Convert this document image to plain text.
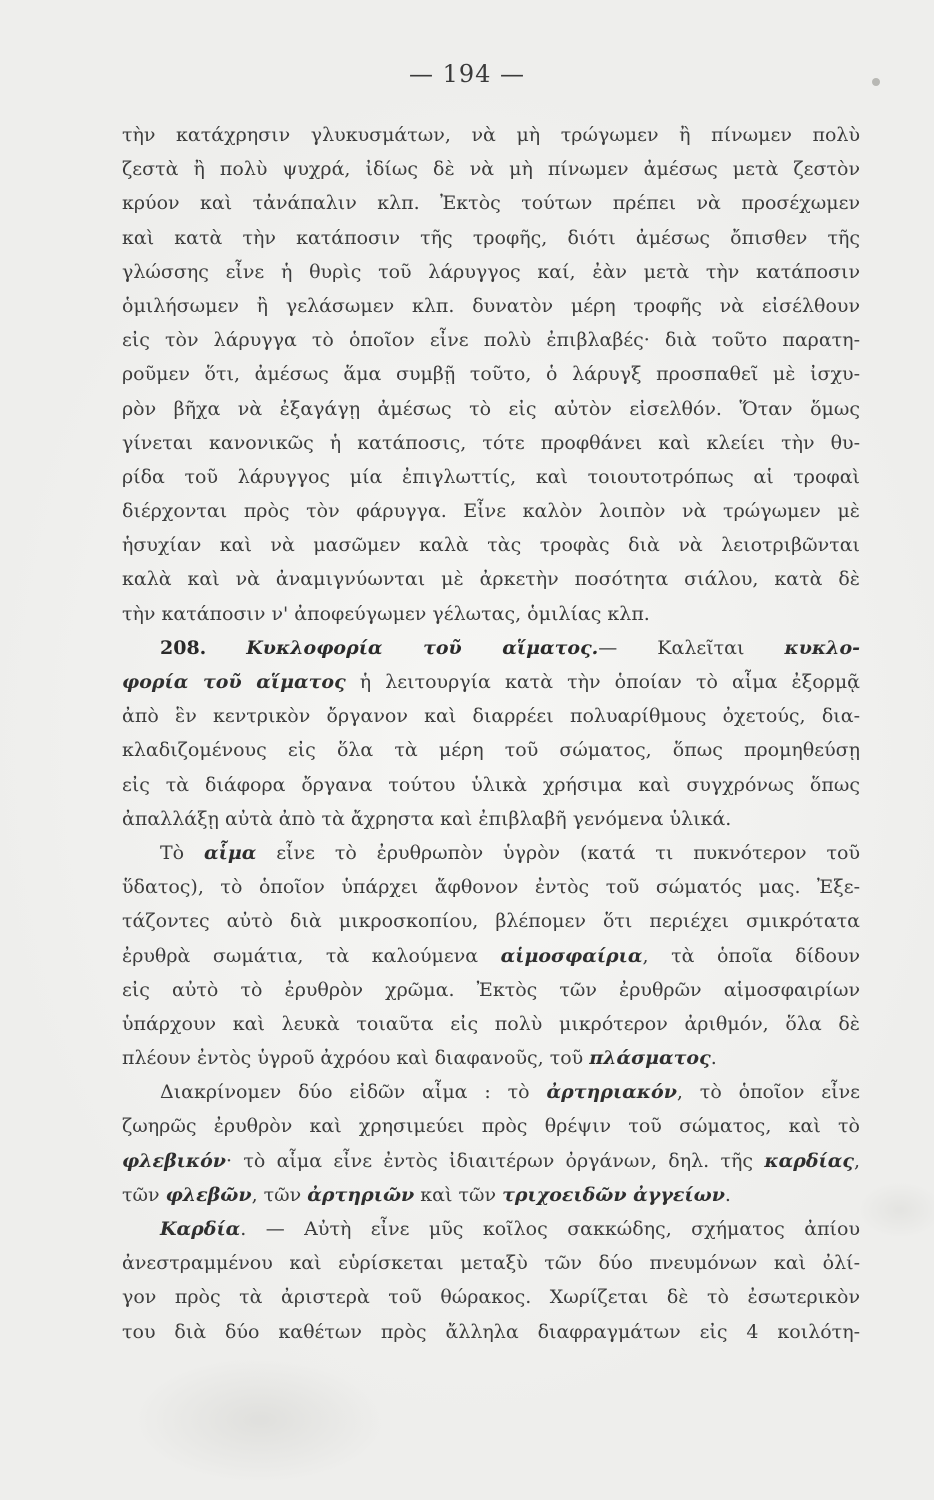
— 194 —
τὴν κατάχρησιν γλυκυσμάτων, νὰ μὴ τρώγωμεν ἢ πίνωμεν πολὺ
ζεστὰ ἢ πολὺ ψυχρά, ἰδίως δὲ νὰ μὴ πίνωμεν ἀμέσως μετὰ ζεστὸν
κρύον καὶ τἀνάπαλιν κλπ. Ἐκτὸς τούτων πρέπει νὰ προσέχωμεν
καὶ κατὰ τὴν κατάποσιν τῆς τροφῆς, διότι ἀμέσως ὄπισθεν τῆς
γλώσσης εἶνε ἡ θυρὶς τοῦ λάρυγγος καί, ἐὰν μετὰ τὴν κατάποσιν
ὁμιλήσωμεν ἢ γελάσωμεν κλπ. δυνατὸν μέρη τροφῆς νὰ εἰσέλθουν
εἰς τὸν λάρυγγα τὸ ὁποῖον εἶνε πολὺ ἐπιβλαβές· διὰ τοῦτο παρατη-
ροῦμεν ὅτι, ἀμέσως ἅμα συμβῇ τοῦτο, ὁ λάρυγξ προσπαθεῖ μὲ ἰσχυ-
ρὸν βῆχα νὰ ἐξαγάγῃ ἀμέσως τὸ εἰς αὐτὸν εἰσελθόν. Ὅταν ὅμως
γίνεται κανονικῶς ἡ κατάποσις, τότε προφθάνει καὶ κλείει τὴν θυ-
ρίδα τοῦ λάρυγγος μία ἐπιγλωττίς, καὶ τοιουτοτρόπως αἱ τροφαὶ
διέρχονται πρὸς τὸν φάρυγγα. Εἶνε καλὸν λοιπὸν νὰ τρώγωμεν μὲ
ἡσυχίαν καὶ νὰ μασῶμεν καλὰ τὰς τροφὰς διὰ νὰ λειοτριβῶνται
καλὰ καὶ νὰ ἀναμιγνύωνται μὲ ἀρκετὴν ποσότητα σιάλου, κατὰ δὲ
τὴν κατάποσιν ν' ἀποφεύγωμεν γέλωτας, ὁμιλίας κλπ.
208. Κυκλοφορία τοῦ αἵματος.— Καλεῖται κυκλο-
φορία τοῦ αἵματος ἡ λειτουργία κατὰ τὴν ὁποίαν τὸ αἷμα ἐξορμᾷ
ἀπὸ ἓν κεντρικὸν ὄργανον καὶ διαρρέει πολυαρίθμους ὀχετούς, δια-
κλαδιζομένους εἰς ὅλα τὰ μέρη τοῦ σώματος, ὅπως προμηθεύσῃ
εἰς τὰ διάφορα ὄργανα τούτου ὑλικὰ χρήσιμα καὶ συγχρόνως ὅπως
ἀπαλλάξῃ αὐτὰ ἀπὸ τὰ ἄχρηστα καὶ ἐπιβλαβῆ γενόμενα ὑλικά.
Τὸ αἷμα εἶνε τὸ ἐρυθρωπὸν ὑγρὸν (κατά τι πυκνότερον τοῦ
ὕδατος), τὸ ὁποῖον ὑπάρχει ἄφθονον ἐντὸς τοῦ σώματός μας. Ἐξε-
τάζοντες αὐτὸ διὰ μικροσκοπίου, βλέπομεν ὅτι περιέχει σμικρότατα
ἐρυθρὰ σωμάτια, τὰ καλούμενα αἱμοσφαίρια, τὰ ὁποῖα δίδουν
εἰς αὐτὸ τὸ ἐρυθρὸν χρῶμα. Ἐκτὸς τῶν ἐρυθρῶν αἱμοσφαιρίων
ὑπάρχουν καὶ λευκὰ τοιαῦτα εἰς πολὺ μικρότερον ἀριθμόν, ὅλα δὲ
πλέουν ἐντὸς ὑγροῦ ἀχρόου καὶ διαφανοῦς, τοῦ πλάσματος.
Διακρίνομεν δύο εἰδῶν αἷμα : τὸ ἀρτηριακόν, τὸ ὁποῖον εἶνε
ζωηρῶς ἐρυθρὸν καὶ χρησιμεύει πρὸς θρέψιν τοῦ σώματος, καὶ τὸ
φλεβικόν· τὸ αἷμα εἶνε ἐντὸς ἰδιαιτέρων ὀργάνων, δηλ. τῆς καρδίας,
τῶν φλεβῶν, τῶν ἀρτηριῶν καὶ τῶν τριχοειδῶν ἀγγείων.
Καρδία. — Αὐτὴ εἶνε μῦς κοῖλος σακκώδης, σχήματος ἀπίου
ἀνεστραμμένου καὶ εὑρίσκεται μεταξὺ τῶν δύο πνευμόνων καὶ ὀλί-
γον πρὸς τὰ ἀριστερὰ τοῦ θώρακος. Χωρίζεται δὲ τὸ ἐσωτερικὸν
του διὰ δύο καθέτων πρὸς ἄλληλα διαφραγμάτων εἰς 4 κοιλότη-
